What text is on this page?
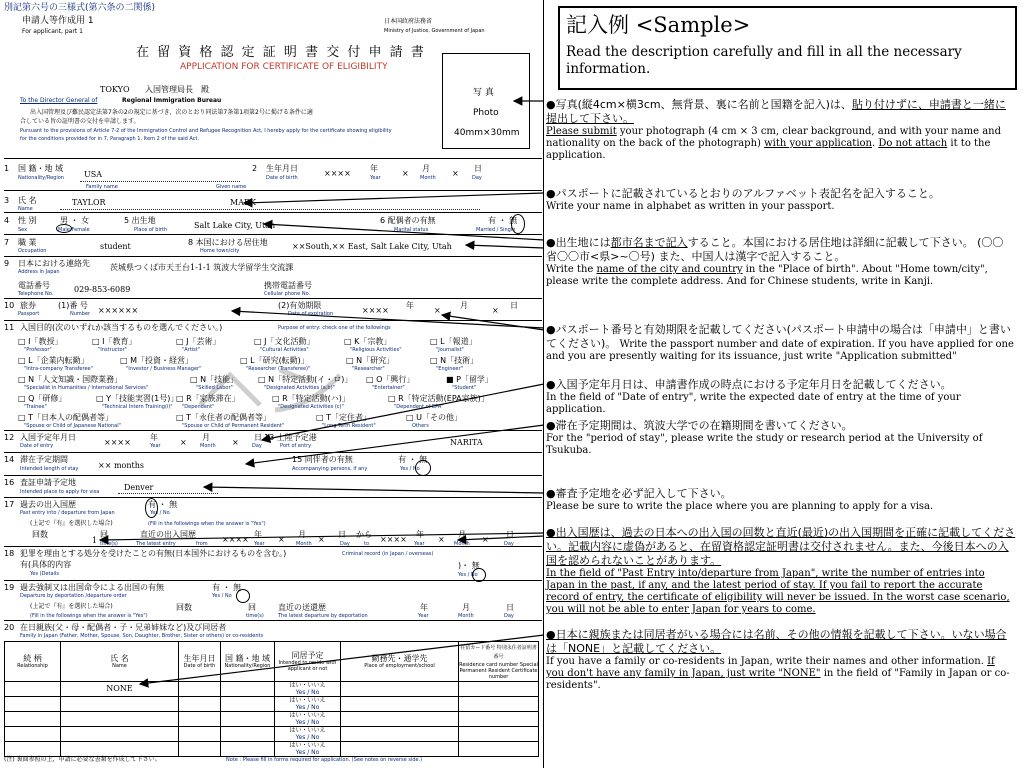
別記第六号の三様式(第六条の二関係)
申請人等作成用 1
For applicant, part 1
日本国政府法務省
Ministry of Justice, Government of Japan
在 留 資 格 認 定 証 明 書 交 付 申 請 書
APPLICATION FOR CERTIFICATE OF ELIGIBILITY
TOKYO 入国管理局長　殿
To the Director General of	Regional Immigration Bureau
出入国管理及び難民認定法第7条の2の規定に基づき，次のとおり同法第7条第1項第2号に掲げる条件に適
合している旨の証明書の交付を申請します。
Pursuant to the provisions of Article 7-2 of the Immigration Control and Refugee Recognition Act, I hereby apply for the certificate showing eligibility
for the conditions provided for in 7, Paragraph 1, Item 2 of the said Act.
写 真
Photo
40mm×30mm
1 国 籍・地 域
Nationality/Region	USA
2 生年月日
Date of birth	××××
年
Year	×
月
Month ×
日
Day
Family name	Given name
3 氏 名
Name
TAYLOR	MARK
4 性 別
Sex
男 ・ 女
Male/Female
5 出生地
Place of birth	Salt Lake City, Utah
6 配偶者の有無
Marital status
有 ・ 無
Married / Single
7 職 業
Occupation	student	8 本国における居住地
Home town/city	××South,×× East, Salt Lake City, Utah
9 日本における連絡先
Address in Japan	茨城県つくば市天王台1-1-1 筑波大学留学生交流課
電話番号
Telephone No.	029-853-6089	携帯電話番号
Cellular phone No.
10 旅券
Passport
(1)番 号
Number ××××××
(2)有効期限
Date of expiration	××××
年
×
月
×
日
11 入国目的(次のいずれか該当するものを選んでください。)	Purpose of entry: check one of the followings
□ Ⅰ「教授」
"Professor"
□ Ⅰ「教育」
"Instructor"
□ J「芸術」
"Artist"
□ J「文化活動」
"Cultural Activities"
□ K「宗教」
"Religious Activities"
□ L「報道」
"Journalist"
□ L「企業内転勤」
"Intra-company Transferee"
□ M「投資・経営」
"Investor / Business Manager"
□ L「研究(転勤)」
"Researcher (Transferee)"
□ N「研究」
"Researcher"
□ N「技術」
"Engineer"
□ N「人文知識・国際業務」
"Specialist in Humanities / International Services"
□ N「技能」
"Skilled Labor"
□ N「特定活動(イ・ロ)」
"Designated Activities (a,b)"
□ O「興行」
"Entertainer"
■ P「留学」
"Student"
□ Q「研修」
"Trainee"
□ Y「技能実習(1号)」
"Technical Intern Training(i)"
□ R「家族滞在」
"Dependent"
□ R「特定活動(ハ)」
"Designated Activities (c)"
□ R「特定活動(EPA家族)」
"Dependent of EPA"
□ T「日本人の配偶者等」
"Spouse or Child of Japanese National"
□ T「永住者の配偶者等」
"Spouse or Child of Permanent Resident"
□ T「定住者」
"Long Term Resident"
□ U「その他」
Others
12 入国予定年月日
Date of entry	××××
年
Year ×
月
Month ×
日
Day
13 上陸予定港
Port of entry	NARITA
14 滞在予定期間
Intended length of stay ×× months
15 同伴者の有無
Accompanying persons, if any
有 ・ 無
Yes / No
16 査証申請予定地
Intended place to apply for visa	Denver
17 過去の出入国歴
Past entry into / departure from Japan
有 ・ 無
Yes / No
(上記で『有』を選択した場合)	(Fill in the followings when the answer is "Yes")
回数	回
1 time(s)
直近の出入国歴
The latest entry	from ××××
年
Year ×
月
Month ×
日
Day
から
to ××××
年
Year ×
月
Month ×
日
Day
18 犯罪を理由とする処分を受けたことの有無(日本国外におけるものを含む。)	Criminal record (in Japan / overseas)
有(具体的内容
Yes (Details
)・ 無
Yes / No
19 過去強制又は出国命令による出国の有無
Departure by deportation /departure order
有 ・ 無
Yes / No
(上記で『有』を選択した場合)
(Fill in the followings when the answer is "Yes")
回数	回
time(s)
直近の送還歴
The latest departure by deportation
年
Year
月
Month
日
Day
20 在日親族(父・母・配偶者・子・兄弟姉妹など)及び同居者
Family in Japan (Father, Mother, Spouse, Son, Daughter, Brother, Sister or others) or co-residents
続 柄
Relationship	氏 名
Name	生年月日
Date of birth	国 籍・地 域
Nationality/Region	同居予定
Intended to reside with applicant or not	勤務先・通学先
Place of employment/school	在留カード番号 特別永住者証明書番号
Residence card number Special Permanent Resident Certificate number

	NONE			はい・いいえ
Yes / No		

				はい・いいえ
Yes / No		

				はい・いいえ
Yes / No		

				はい・いいえ
Yes / No		

				はい・いいえ
Yes / No		

(注) 裏面参照の上，申請に必要な書類を作成して下さい。	Note : Please fill in forms required for application. (See notes on reverse side.)
記入例 <Sample>
Read the description carefully and fill in all the necessary information.
●写真(縦4cm×横3cm、無背景、裏に名前と国籍を記入)は、貼り付けずに、申請書と一緒に提出して下さい。
Please submit your photograph (4 cm × 3 cm, clear background, and with your name and nationality on the back of the photograph) with your application. Do not attach it to the application.
●パスポートに記載されているとおりのアルファベット表記名を記入すること。
Write your name in alphabet as written in your passport.
●出生地には都市名まで記入すること。本国における居住地は詳細に記載して下さい。 (〇〇省〇〇市<県>~〇号) また、中国人は漢字で記入すること。
Write the name of the city and country in the "Place of birth". About "Home town/city", please write the complete address. And for Chinese students, write in Kanji.
●パスポート番号と有効期限を記載してください(パスポート申請中の場合は「申請中」と書いてください)。 Write the passport number and date of expiration. If you have applied for one and you are presently waiting for its issuance, just write "Application submitted"
●入国予定年月日は、申請書作成の時点における予定年月日を記載してください。
In the field of "Date of entry", write the expected date of entry at the time of your application.
●滞在予定期間は、筑波大学での在籍期間を書いてください。
For the "period of stay", please write the study or research period at the University of Tsukuba.
●審査予定地を必ず記入して下さい。
Please be sure to write the place where you are planning to apply for a visa.
●出入国歴は、過去の日本への出入国の回数と直近(最近)の出入国期間を正確に記載してください。記載内容に虚偽があると、在留資格認定証明書は交付されません。また、今後日本への入国を認められないことがあります。
In the field of "Past Entry into/departure from Japan", write the number of entries into Japan in the past, if any, and the latest period of stay. If you fail to report the accurate record of entry, the certificate of eligibility will never be issued. In the worst case scenario, you will not be able to enter Japan for years to come.
●日本に親族または同居者がいる場合には名前、その他の情報を記載して下さい。いない場合は「NONE」と記載してください。
If you have a family or co-residents in Japan, write their names and other information. If you don't have any family in Japan, just write "NONE" in the field of "Family in Japan or co-residents".
